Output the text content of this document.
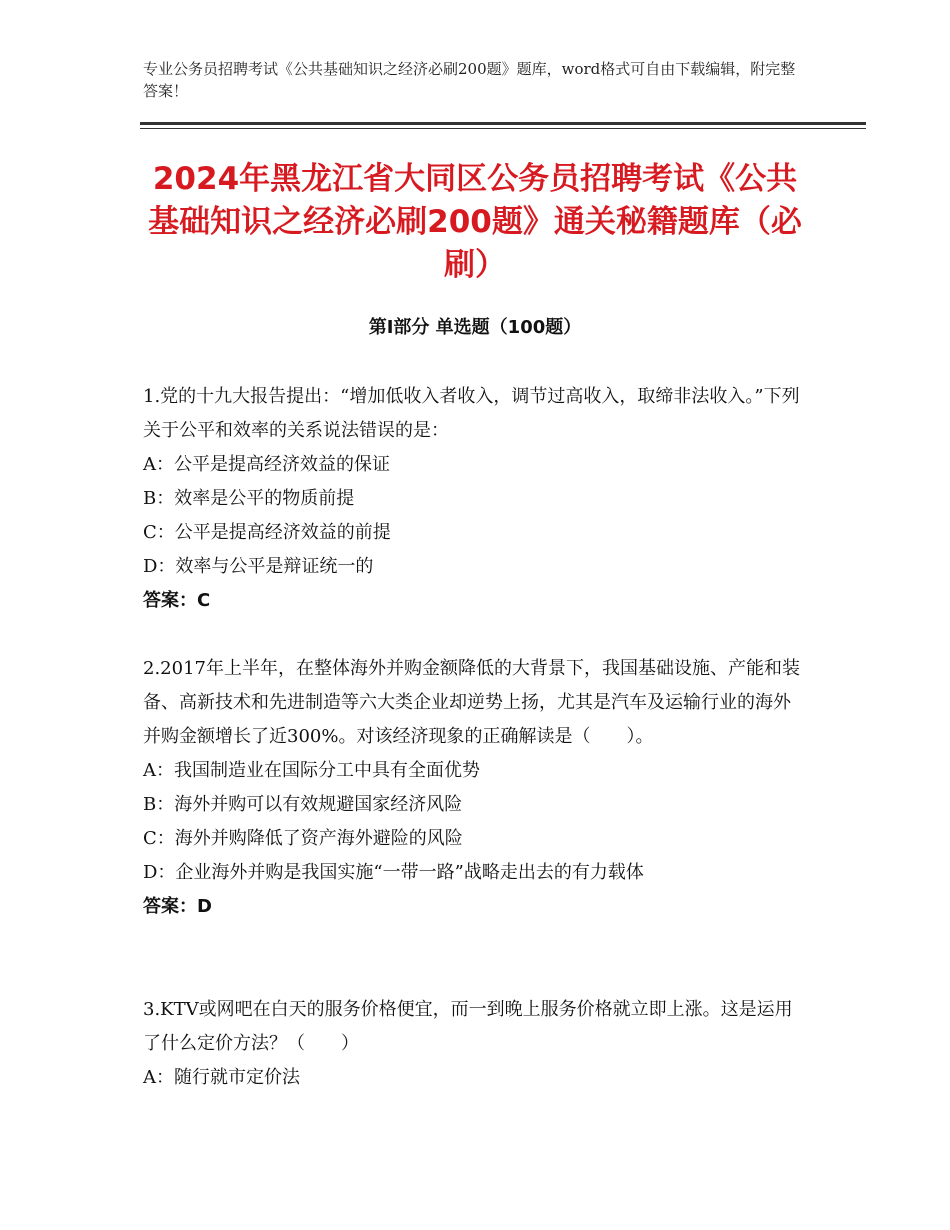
专业公务员招聘考试《公共基础知识之经济必刷200题》题库，word格式可自由下载编辑，附完整答案！
2024年黑龙江省大同区公务员招聘考试《公共基础知识之经济必刷200题》通关秘籍题库（必刷）
第Ⅰ部分 单选题（100题）

1.党的十九大报告提出：“增加低收入者收入，调节过高收入，取缔非法收入。”下列关于公平和效率的关系说法错误的是：

A：公平是提高经济效益的保证

B：效率是公平的物质前提

C：公平是提高经济效益的前提

D：效率与公平是辩证统一的

答案：C

2.2017年上半年，在整体海外并购金额降低的大背景下，我国基础设施、产能和装备、高新技术和先进制造等六大类企业却逆势上扬，尤其是汽车及运输行业的海外并购金额增长了近300%。对该经济现象的正确解读是（　　）。

A：我国制造业在国际分工中具有全面优势

B：海外并购可以有效规避国家经济风险

C：海外并购降低了资产海外避险的风险

D：企业海外并购是我国实施“一带一路”战略走出去的有力载体

答案：D

3.KTV或网吧在白天的服务价格便宜，而一到晚上服务价格就立即上涨。这是运用了什么定价方法？（　　）

A：随行就市定价法
